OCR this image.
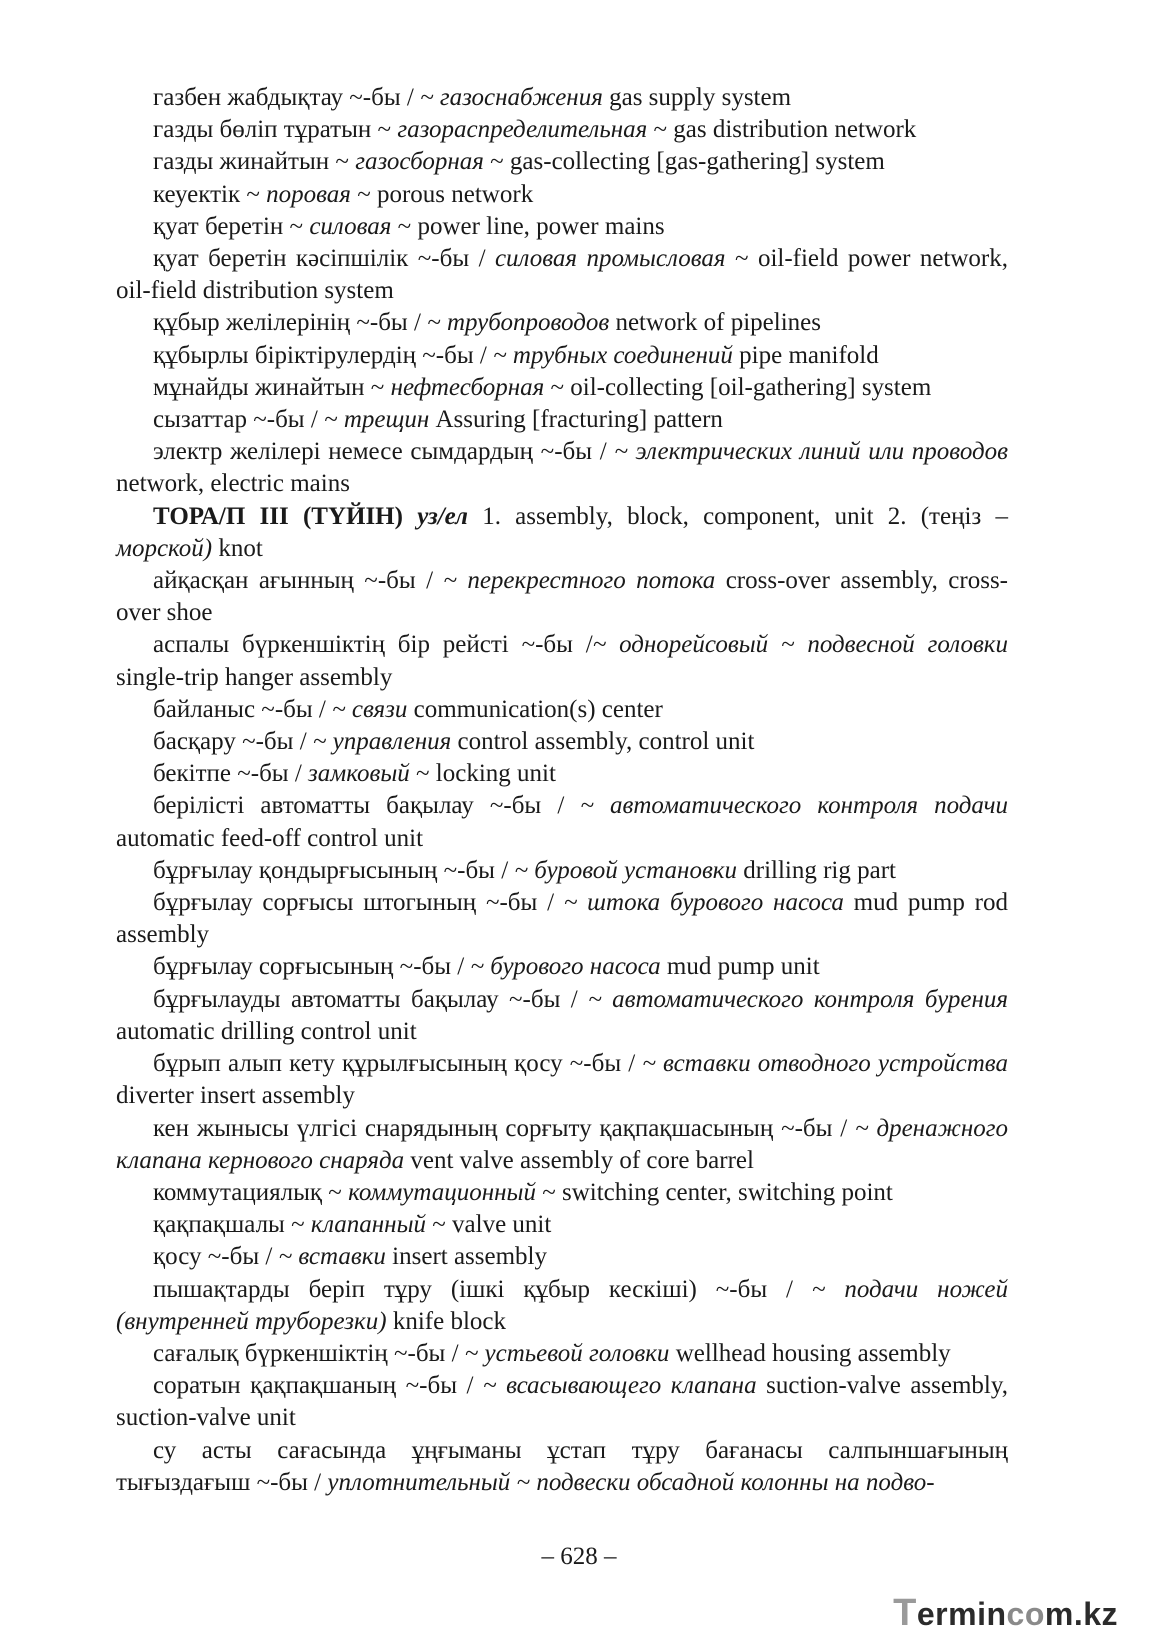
газбен жабдықтау ~-бы / ~ газоснабжения gas supply system

газды бөліп тұратын ~ газораспределительная ~ gas distribution network

газды жинайтын ~ газосборная ~ gas-collecting [gas-gathering] system

кеуектік ~ поровая ~ porous network

қуат беретін ~ силовая ~ power line, power mains

қуат беретін кәсіпшілік ~-бы / силовая промысловая ~ oil-field power network, oil-field distribution system

құбыр желілерінің ~-бы / ~ трубопроводов network of pipelines

құбырлы біріктірулердің ~-бы / ~ трубных соединений pipe manifold

мұнайды жинайтын ~ нефтесборная ~ oil-collecting [oil-gathering] system

сызаттар ~-бы / ~ трещин Assuring [fracturing] pattern

электр желілері немесе сымдардың ~-бы / ~ электрических линий или проводов network, electric mains

ТОРА/П III (ТҮЙІН) уз/ел 1. assembly, block, component, unit 2. (теңіз – морской) knot

айқасқан ағынның ~-бы / ~ перекрестного потока cross-over assembly, cross-over shoe

аспалы бүркеншіктің бір рейсті ~-бы /~ однорейсовый ~ подвесной головки single-trip hanger assembly

байланыс ~-бы / ~ связи communication(s) center

басқару ~-бы / ~ управления control assembly, control unit

бекітпе ~-бы / замковый ~ locking unit

берілісті автоматты бақылау ~-бы / ~ автоматического контроля подачи automatic feed-off control unit

бұрғылау қондырғысының ~-бы / ~ буровой установки drilling rig part

бұрғылау сорғысы штогының ~-бы / ~ штока бурового насоса mud pump rod assembly

бұрғылау сорғысының ~-бы / ~ бурового насоса mud pump unit

бұрғылауды автоматты бақылау ~-бы / ~ автоматического контроля бурения automatic drilling control unit

бұрып алып кету құрылғысының қосу ~-бы / ~ вставки отводного устройства diverter insert assembly

кен жынысы үлгісі снарядының сорғыту қақпақшасының ~-бы / ~ дренажного клапана кернового снаряда vent valve assembly of core barrel

коммутациялық ~ коммутационный ~ switching center, switching point

қақпақшалы ~ клапанный ~ valve unit

қосу ~-бы / ~ вставки insert assembly

пышақтарды беріп тұру (ішкі құбыр кескіші) ~-бы / ~ подачи ножей (внутренней труборезки) knife block

сағалық бүркеншіктің ~-бы / ~ устьевой головки wellhead housing assembly

соратын қақпақшаның ~-бы / ~ всасывающего клапана suction-valve assembly, suction-valve unit

су асты сағасында ұңғыманы ұстап тұру бағанасы салпыншағының тығыздағыш ~-бы / уплотнительный ~ подвески обсадной колонны на подво-

– 628 –
Termincom.kz
